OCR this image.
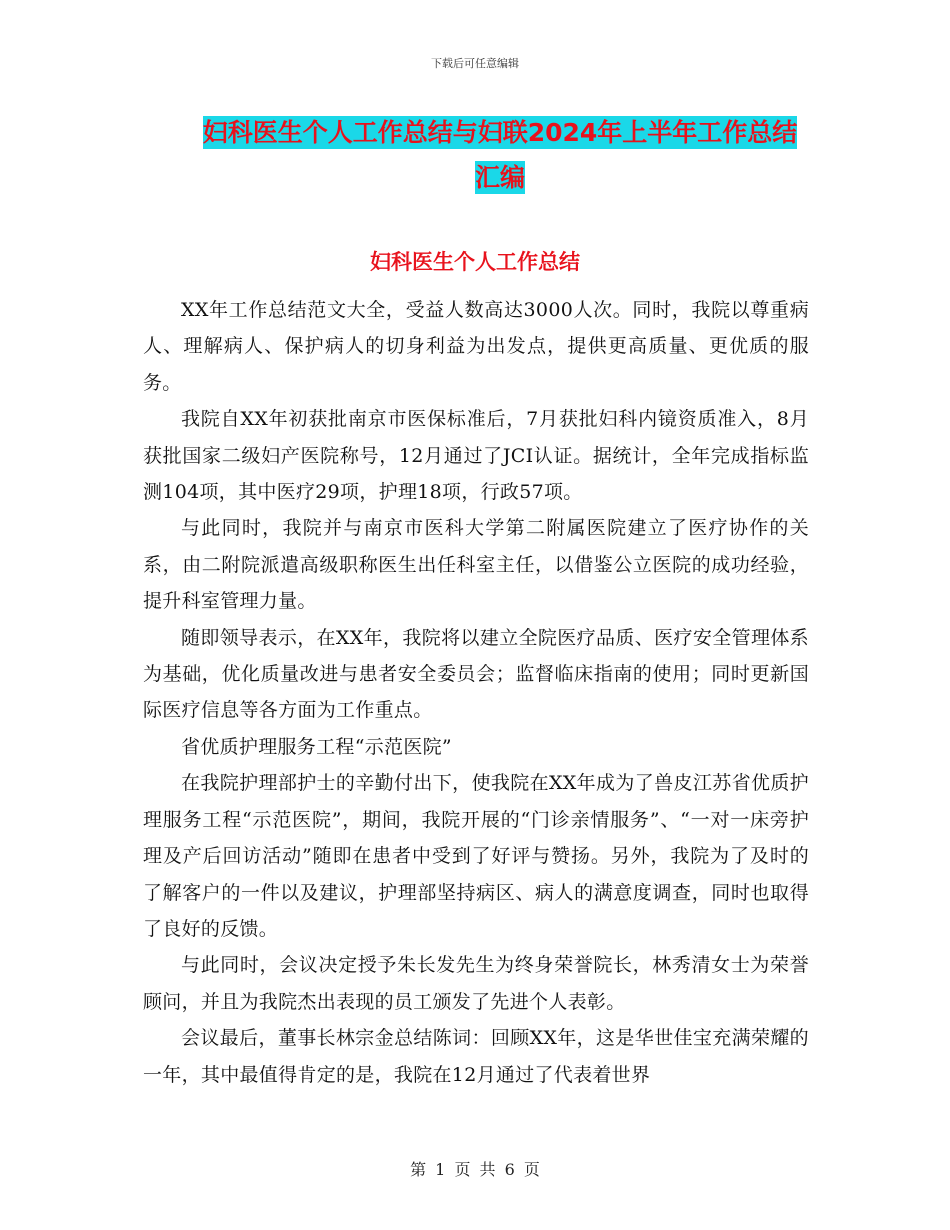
下载后可任意编辑
妇科医生个人工作总结与妇联2024年上半年工作总结
汇编
妇科医生个人工作总结

XX年工作总结范文大全，受益人数高达3000人次。同时，我院以尊重病人、理解病人、保护病人的切身利益为出发点，提供更高质量、更优质的服务。

我院自XX年初获批南京市医保标准后，7月获批妇科内镜资质准入，8月获批国家二级妇产医院称号，12月通过了JCI认证。据统计，全年完成指标监测104项，其中医疗29项，护理18项，行政57项。

与此同时，我院并与南京市医科大学第二附属医院建立了医疗协作的关系，由二附院派遣高级职称医生出任科室主任，以借鉴公立医院的成功经验，提升科室管理力量。

随即领导表示，在XX年，我院将以建立全院医疗品质、医疗安全管理体系为基础，优化质量改进与患者安全委员会；监督临床指南的使用；同时更新国际医疗信息等各方面为工作重点。

省优质护理服务工程“示范医院”

在我院护理部护士的辛勤付出下，使我院在XX年成为了兽皮江苏省优质护理服务工程“示范医院”，期间，我院开展的“门诊亲情服务”、“一对一床旁护理及产后回访活动”随即在患者中受到了好评与赞扬。另外，我院为了及时的了解客户的一件以及建议，护理部坚持病区、病人的满意度调查，同时也取得了良好的反馈。

与此同时，会议决定授予朱长发先生为终身荣誉院长，林秀清女士为荣誉顾问，并且为我院杰出表现的员工颁发了先进个人表彰。

会议最后，董事长林宗金总结陈词：回顾XX年，这是华世佳宝充满荣耀的一年，其中最值得肯定的是，我院在12月通过了代表着世界

第 1 页 共 6 页
